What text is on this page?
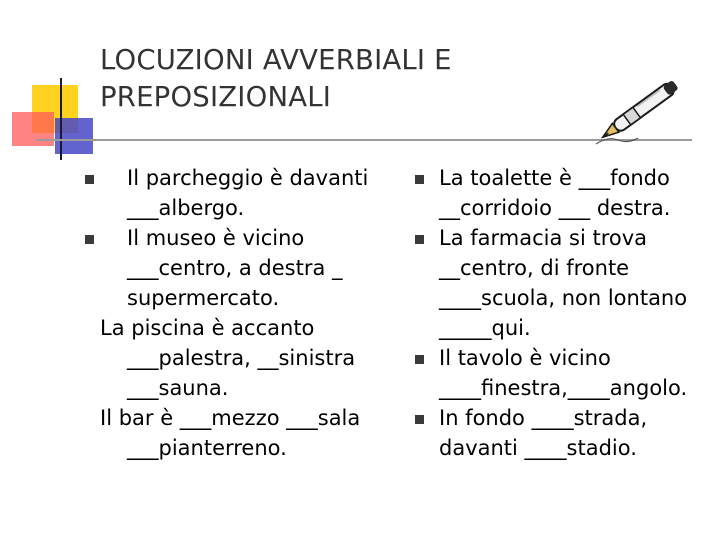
LOCUZIONI AVVERBIALI E
PREPOSIZIONALI
Il parcheggio è davanti ___albergo.
Il museo è vicino ___centro, a destra _ supermercato.
La piscina è accanto ___palestra, __sinistra ___sauna.
Il bar è ___mezzo ___sala ___pianterreno.
La toalette è ___fondo __corridoio ___ destra.
La farmacia si trova __centro, di fronte ____scuola, non lontano _____qui.
Il tavolo è vicino ____finestra,____angolo.
In fondo ____strada, davanti ____stadio.
